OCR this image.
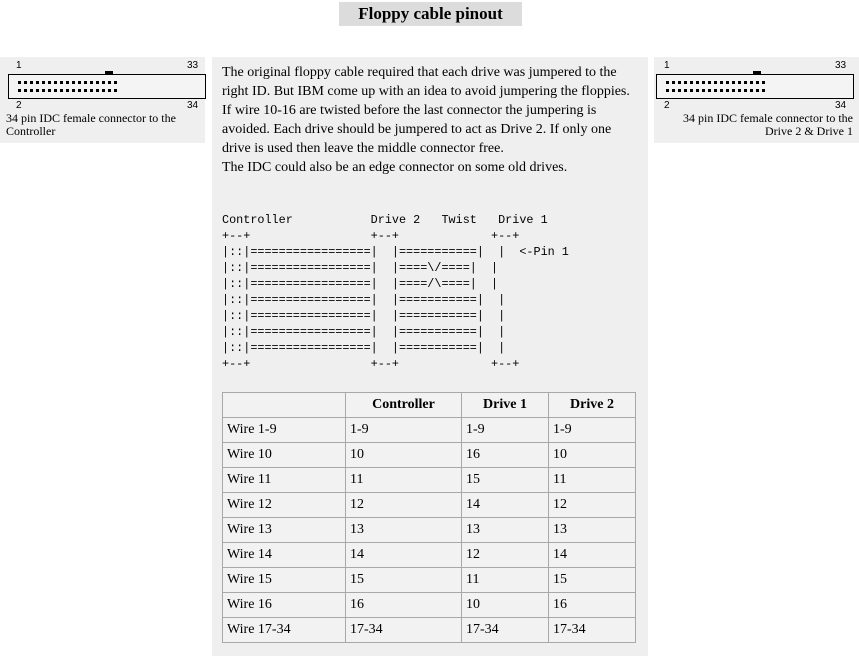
Floppy cable pinout
1	33
2	34
34 pin IDC female connector to the Controller
1	33
2	34
34 pin IDC female connector to the Drive 2 & Drive 1

The original floppy cable required that each drive was jumpered to the right ID. But IBM come up with an idea to avoid jumpering the floppies.

If wire 10-16 are twisted before the last connector the jumpering is avoided. Each drive should be jumpered to act as Drive 2. If only one drive is used then leave the middle connector free.

The IDC could also be an edge connector on some old drives.

Controller           Drive 2   Twist   Drive 1
+--+                 +--+             +--+
|::|=================|  |===========|  |  <-Pin 1
|::|=================|  |====\/====|  |
|::|=================|  |====/\====|  |
|::|=================|  |===========|  |
|::|=================|  |===========|  |
|::|=================|  |===========|  |
|::|=================|  |===========|  |
+--+                 +--+             +--+
	Controller	Drive 1	Drive 2
Wire 1-9	1-9	1-9	1-9
Wire 10	10	16	10
Wire 11	11	15	11
Wire 12	12	14	12
Wire 13	13	13	13
Wire 14	14	12	14
Wire 15	15	11	15
Wire 16	16	10	16
Wire 17-34	17-34	17-34	17-34
